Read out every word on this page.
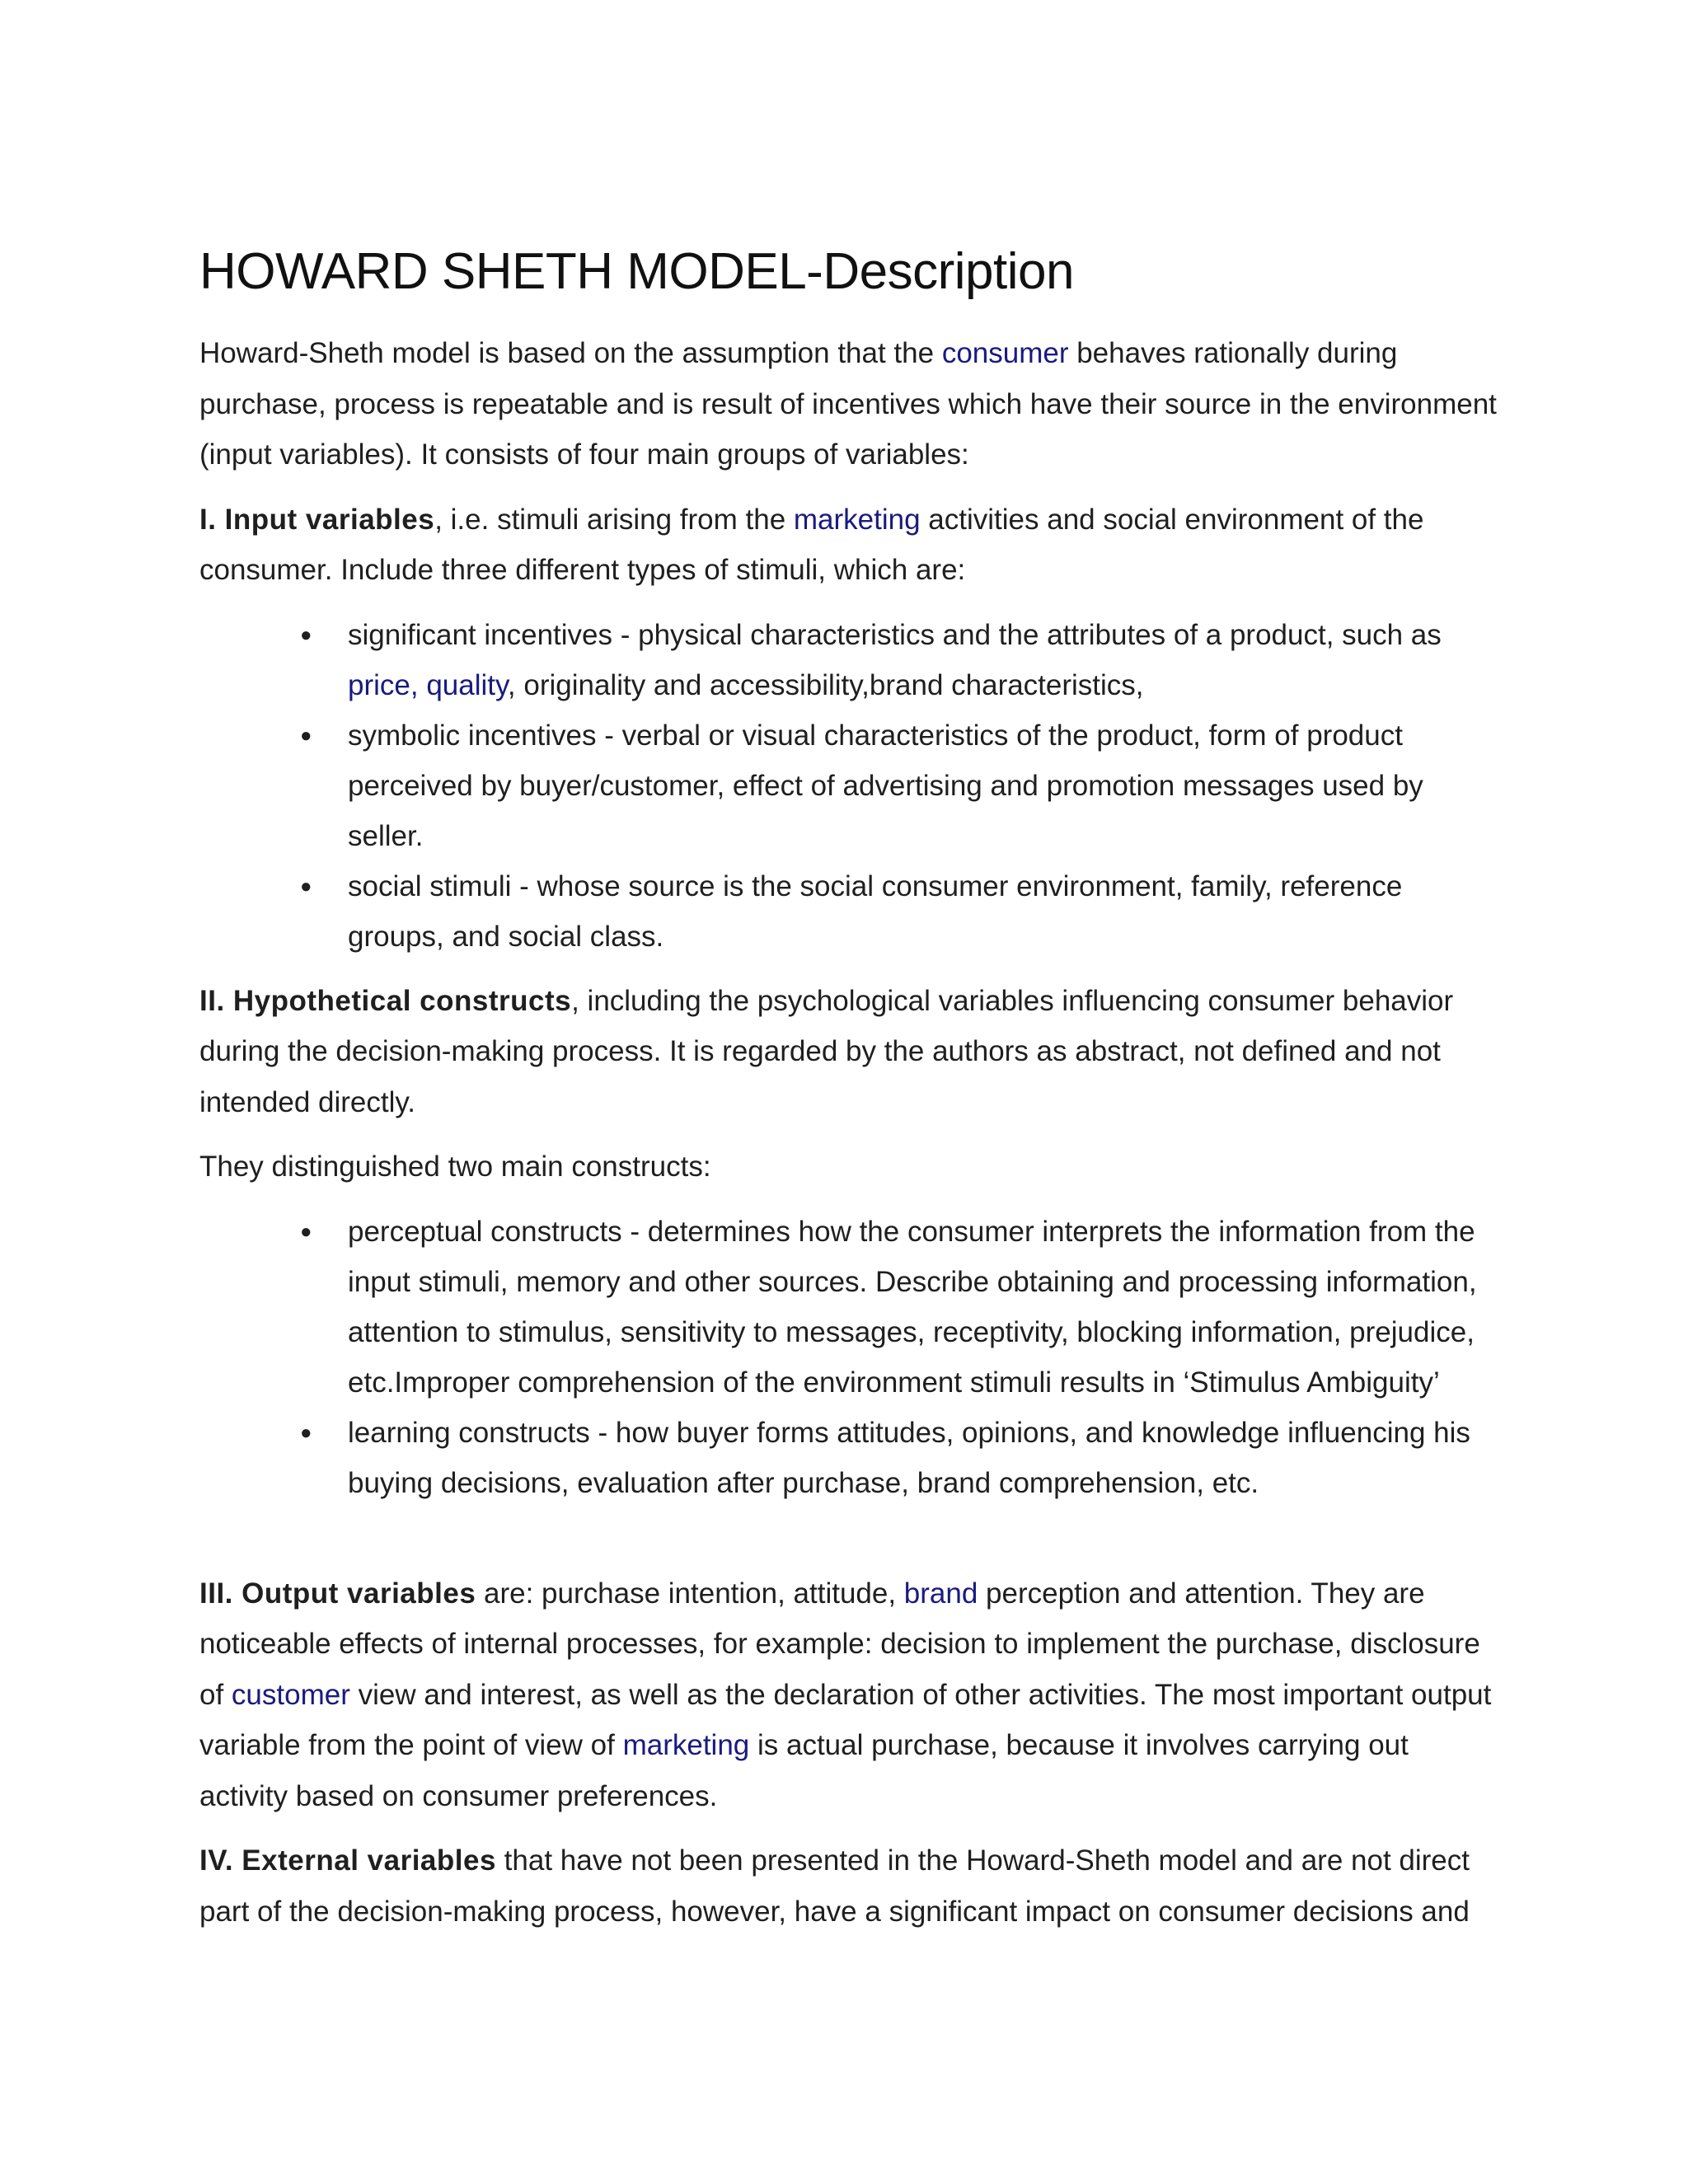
HOWARD SHETH MODEL-Description

Howard-Sheth model is based on the assumption that the consumer behaves rationally during purchase, process is repeatable and is result of incentives which have their source in the environment (input variables). It consists of four main groups of variables:

I. Input variables, i.e. stimuli arising from the marketing activities and social environment of the consumer. Include three different types of stimuli, which are:

● significant incentives - physical characteristics and the attributes of a product, such as price, quality, originality and accessibility,brand characteristics,
● symbolic incentives - verbal or visual characteristics of the product, form of product perceived by buyer/customer, effect of advertising and promotion messages used by seller.
● social stimuli - whose source is the social consumer environment, family, reference groups, and social class.

II. Hypothetical constructs, including the psychological variables influencing consumer behavior during the decision-making process. It is regarded by the authors as abstract, not defined and not intended directly.

They distinguished two main constructs:

● perceptual constructs - determines how the consumer interprets the information from the input stimuli, memory and other sources. Describe obtaining and processing information, attention to stimulus, sensitivity to messages, receptivity, blocking information, prejudice, etc.Improper comprehension of the environment stimuli results in ‘Stimulus Ambiguity’
● learning constructs - how buyer forms attitudes, opinions, and knowledge influencing his buying decisions, evaluation after purchase, brand comprehension, etc.

III. Output variables are: purchase intention, attitude, brand perception and attention. They are noticeable effects of internal processes, for example: decision to implement the purchase, disclosure of customer view and interest, as well as the declaration of other activities. The most important output variable from the point of view of marketing is actual purchase, because it involves carrying out activity based on consumer preferences.

IV. External variables that have not been presented in the Howard-Sheth model and are not direct part of the decision-making process, however, have a significant impact on consumer decisions and
